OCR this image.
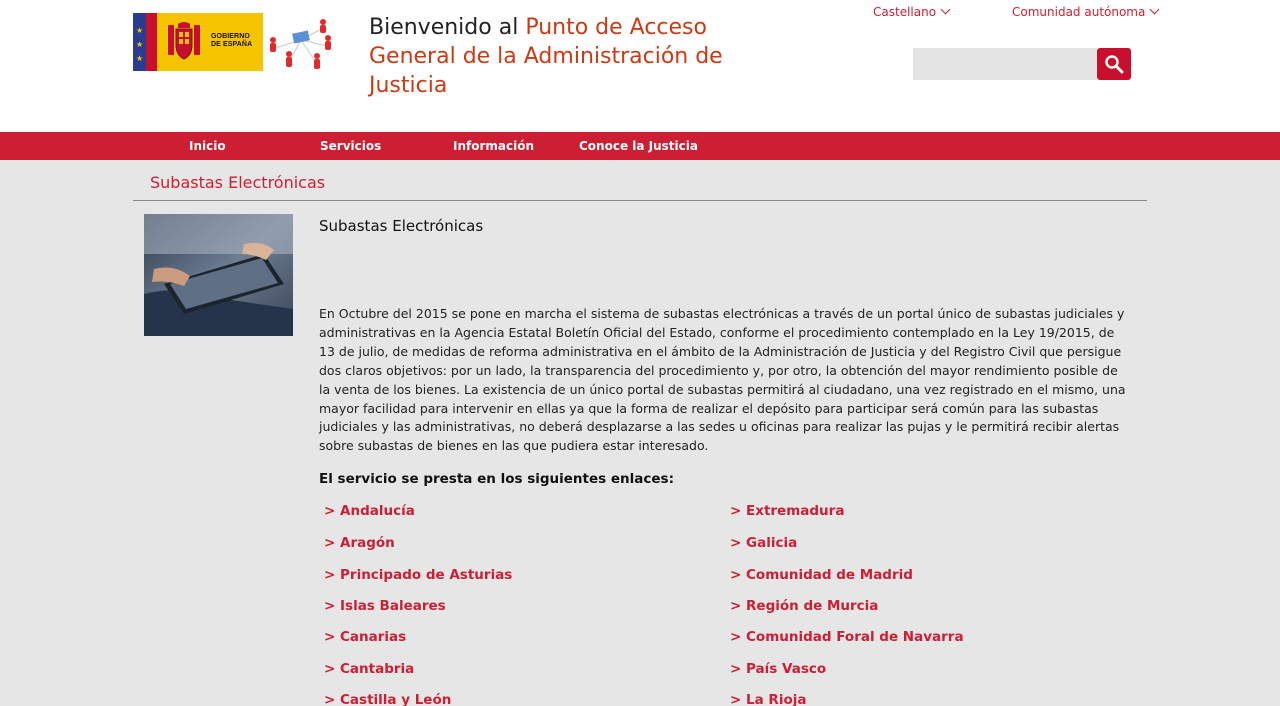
★
★
★
GOBIERNO
DE ESPAÑA
Bienvenido al Punto de Acceso General de la Administración de Justicia
Castellano	Comunidad autónoma
Inicio	Servicios	Información	Conoce la Justicia
Subastas Electrónicas
Subastas Electrónicas
En Octubre del 2015 se pone en marcha el sistema de subastas electrónicas a través de un portal único de subastas judiciales y administrativas en la Agencia Estatal Boletín Oficial del Estado, conforme el procedimiento contemplado en la Ley 19/2015, de 13 de julio, de medidas de reforma administrativa en el ámbito de la Administración de Justicia y del Registro Civil que persigue dos claros objetivos: por un lado, la transparencia del procedimiento y, por otro, la obtención del mayor rendimiento posible de la venta de los bienes. La existencia de un único portal de subastas permitirá al ciudadano, una vez registrado en el mismo, una mayor facilidad para intervenir en ellas ya que la forma de realizar el depósito para participar será común para las subastas judiciales y las administrativas, no deberá desplazarse a las sedes u oficinas para realizar las pujas y le permitirá recibir alertas sobre subastas de bienes en las que pudiera estar interesado.
El servicio se presta en los siguientes enlaces:
> Andalucía
> Aragón
> Principado de Asturias
> Islas Baleares
> Canarias
> Cantabria
> Castilla y León
> Extremadura
> Galicia
> Comunidad de Madrid
> Región de Murcia
> Comunidad Foral de Navarra
> País Vasco
> La Rioja
